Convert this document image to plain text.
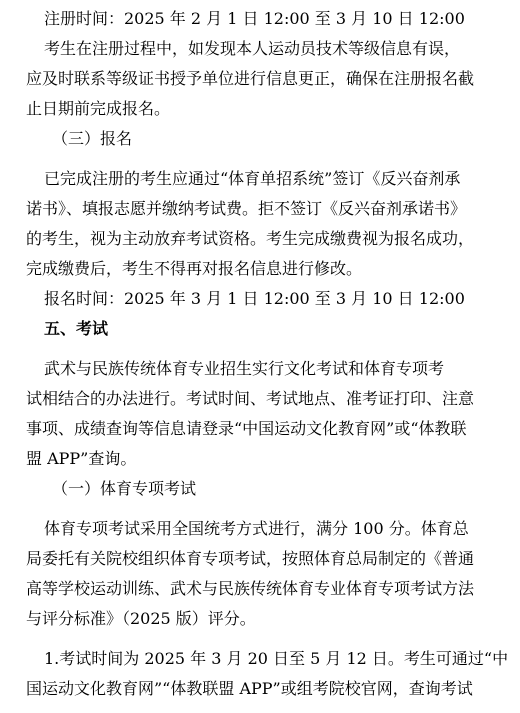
注册时间：2025 年 2 月 1 日 12:00 至 3 月 10 日 12:00
考生在注册过程中，如发现本人运动员技术等级信息有误，
应及时联系等级证书授予单位进行信息更正，确保在注册报名截
止日期前完成报名。
（三）报名
已完成注册的考生应通过“体育单招系统”签订《反兴奋剂承
诺书》、填报志愿并缴纳考试费。拒不签订《反兴奋剂承诺书》
的考生，视为主动放弃考试资格。考生完成缴费视为报名成功，
完成缴费后，考生不得再对报名信息进行修改。
报名时间：2025 年 3 月 1 日 12:00 至 3 月 10 日 12:00
五、考试
武术与民族传统体育专业招生实行文化考试和体育专项考
试相结合的办法进行。考试时间、考试地点、准考证打印、注意
事项、成绩查询等信息请登录“中国运动文化教育网”或“体教联
盟 APP”查询。
（一）体育专项考试
体育专项考试采用全国统考方式进行，满分 100 分。体育总
局委托有关院校组织体育专项考试，按照体育总局制定的《普通
高等学校运动训练、武术与民族传统体育专业体育专项考试方法
与评分标准》（2025 版）评分。
1.考试时间为 2025 年 3 月 20 日至 5 月 12 日。考生可通过“中
国运动文化教育网”“体教联盟 APP”或组考院校官网，查询考试
